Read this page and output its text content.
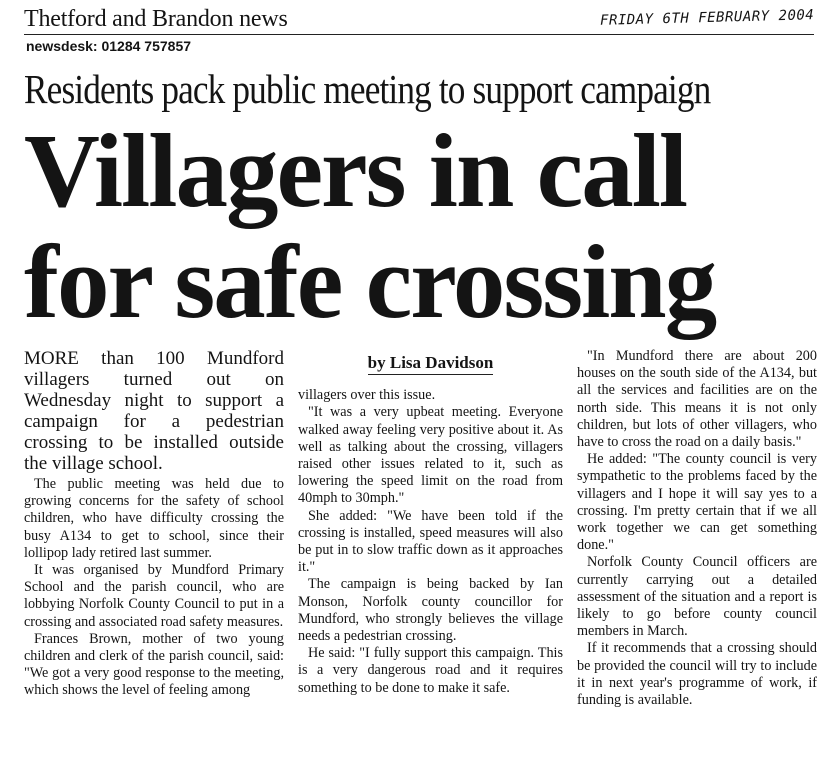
Thetford and Brandon news	FRIDAY 6TH FEBRUARY 2004
newsdesk: 01284 757857
Residents pack public meeting to support campaign
Villagers in call
for safe crossing

MORE than 100 Mundford villagers turned out on Wednesday night to support a campaign for a pedestrian crossing to be installed outside the village school.

The public meeting was held due to growing concerns for the safety of school children, who have difficulty crossing the busy A134 to get to school, since their lollipop lady retired last summer.

It was organised by Mundford Primary School and the parish council, who are lobbying Norfolk County Council to put in a crossing and associated road safety measures.

Frances Brown, mother of two young children and clerk of the parish council, said: "We got a very good response to the meeting, which shows the level of feeling among

by Lisa Davidson

villagers over this issue.

"It was a very upbeat meeting. Everyone walked away feeling very positive about it. As well as talking about the crossing, villagers raised other issues related to it, such as lowering the speed limit on the road from 40mph to 30mph."

She added: "We have been told if the crossing is installed, speed measures will also be put in to slow traffic down as it approaches it."

The campaign is being backed by Ian Monson, Norfolk county councillor for Mundford, who strongly believes the village needs a pedestrian crossing.

He said: "I fully support this campaign. This is a very dangerous road and it requires something to be done to make it safe.

"In Mundford there are about 200 houses on the south side of the A134, but all the services and facilities are on the north side. This means it is not only children, but lots of other villagers, who have to cross the road on a daily basis."

He added: "The county council is very sympathetic to the problems faced by the villagers and I hope it will say yes to a crossing. I'm pretty certain that if we all work together we can get something done."

Norfolk County Council officers are currently carrying out a detailed assessment of the situation and a report is likely to go before county council members in March.

If it recommends that a crossing should be provided the council will try to include it in next year's programme of work, if funding is available.
